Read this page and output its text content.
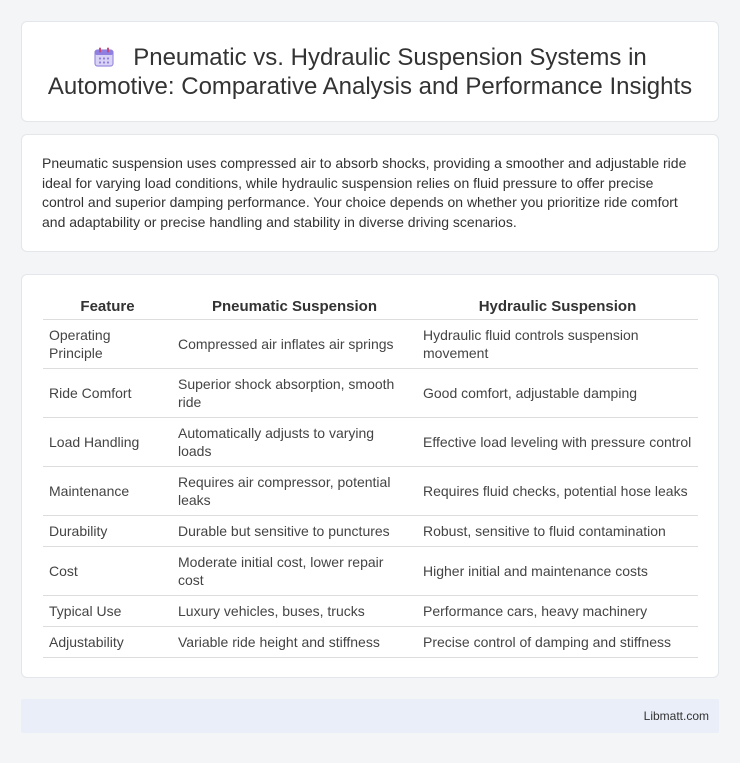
Pneumatic vs. Hydraulic Suspension Systems in Automotive: Comparative Analysis and Performance Insights

Pneumatic suspension uses compressed air to absorb shocks, providing a smoother and adjustable ride ideal for varying load conditions, while hydraulic suspension relies on fluid pressure to offer precise control and superior damping performance. Your choice depends on whether you prioritize ride comfort and adaptability or precise handling and stability in diverse driving scenarios.

Feature	Pneumatic Suspension	Hydraulic Suspension
Operating Principle	Compressed air inflates air springs	Hydraulic fluid controls suspension movement
Ride Comfort	Superior shock absorption, smooth ride	Good comfort, adjustable damping
Load Handling	Automatically adjusts to varying loads	Effective load leveling with pressure control
Maintenance	Requires air compressor, potential leaks	Requires fluid checks, potential hose leaks
Durability	Durable but sensitive to punctures	Robust, sensitive to fluid contamination
Cost	Moderate initial cost, lower repair cost	Higher initial and maintenance costs
Typical Use	Luxury vehicles, buses, trucks	Performance cars, heavy machinery
Adjustability	Variable ride height and stiffness	Precise control of damping and stiffness
Libmatt.com
